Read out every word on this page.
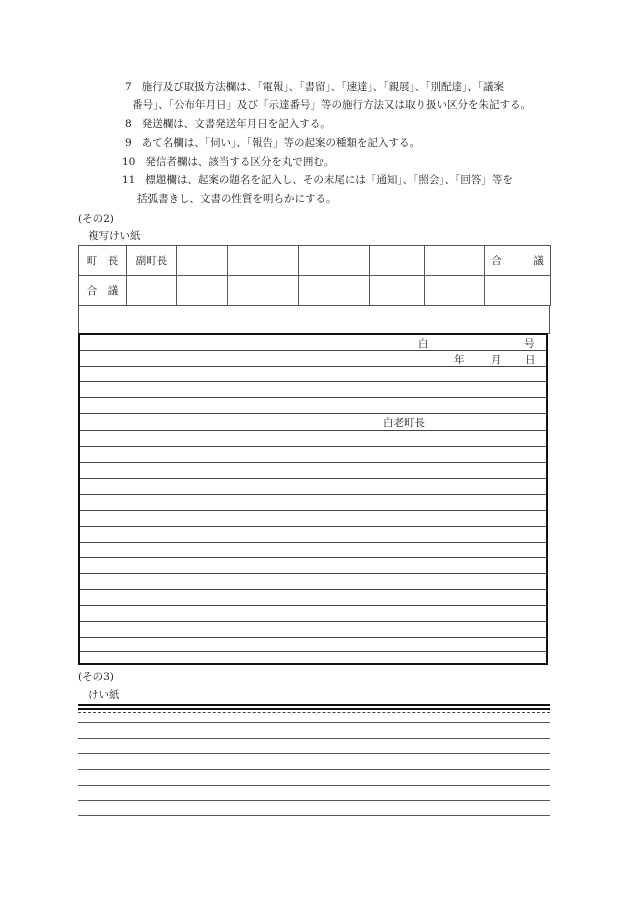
7 施行及び取扱方法欄は、「電報」、「書留」、「速達」、「親展」、「別配達」、「議案
番号」、「公布年月日」及び「示達番号」等の施行方法又は取り扱い区分を朱記する。
8 発送欄は、文書発送年月日を記入する。
9 あて名欄は、「伺い」、「報告」等の起案の種類を記入する。
10 発信者欄は、該当する区分を丸で囲む。
11 標題欄は、起案の題名を記入し、その末尾には「通知」、「照会」、「回答」等を
括弧書きし、文書の性質を明らかにする。
(その2)
複写けい紙
町　長	副町長						合　　　議
合　議							
白	号
年	月 日
白老町長
(その3)
けい紙
